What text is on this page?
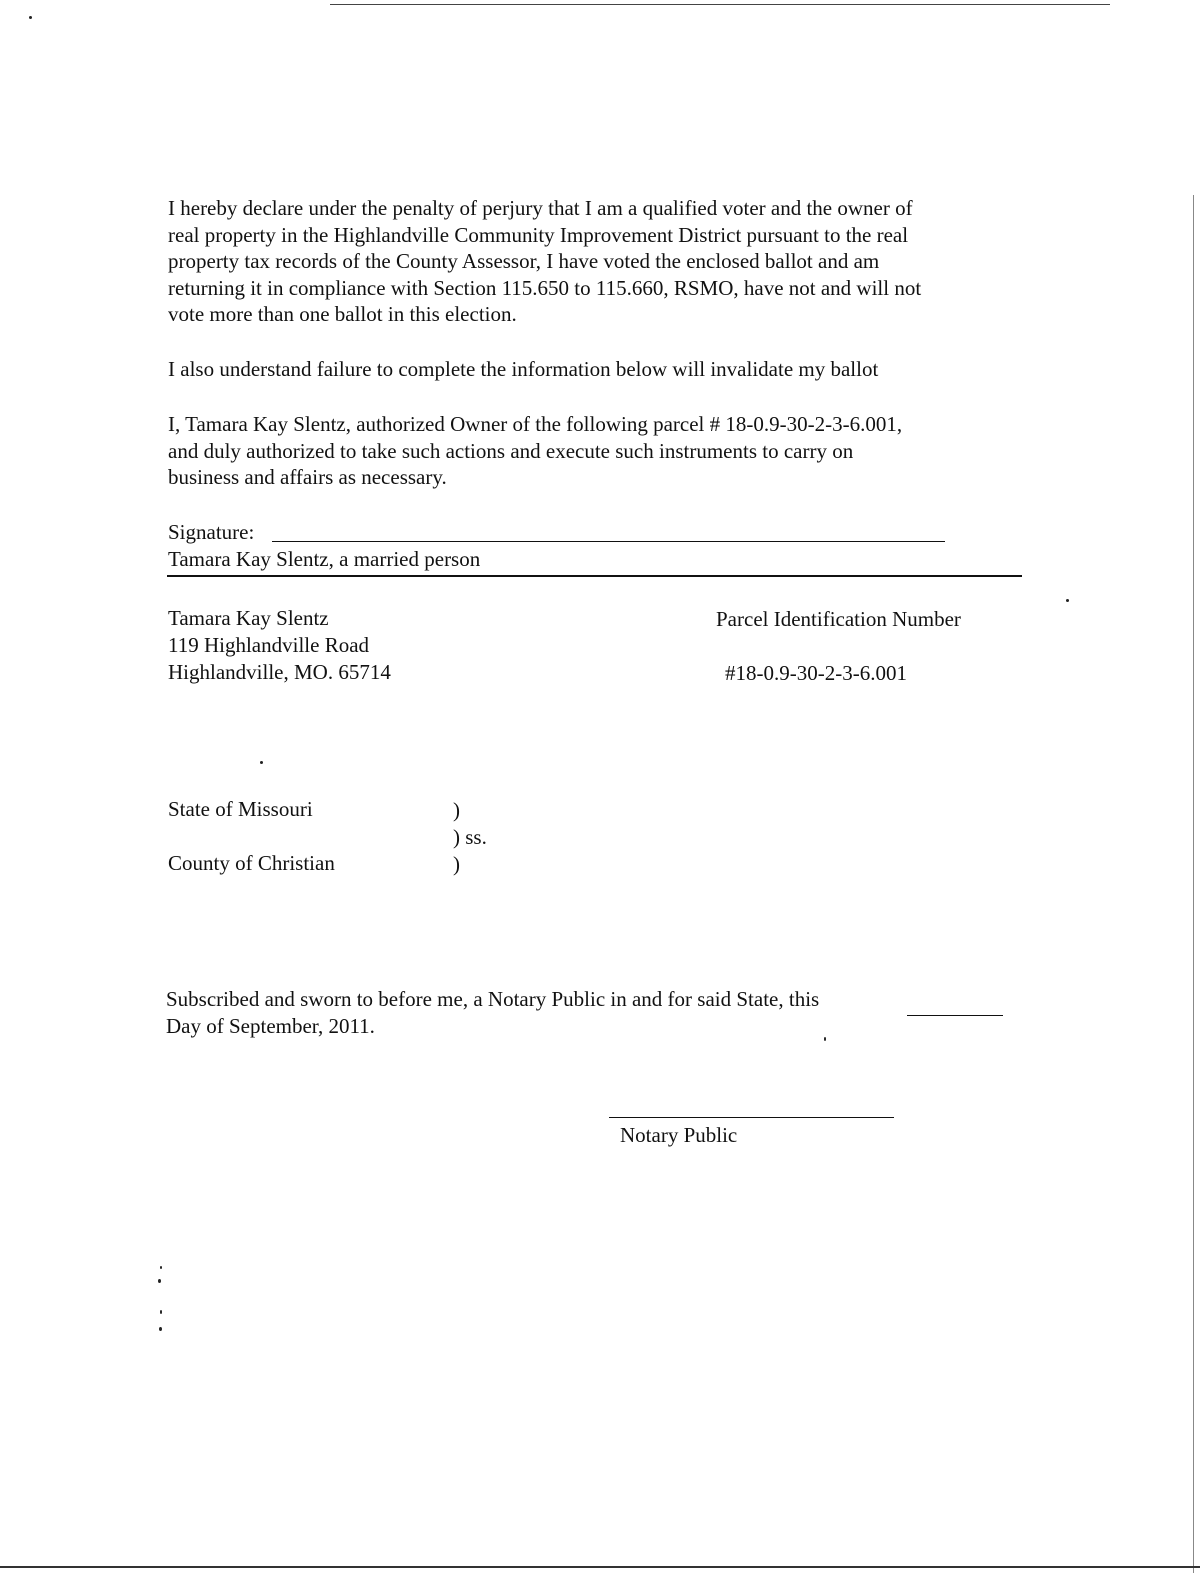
I hereby declare under the penalty of perjury that I am a qualified voter and the owner of
real property in the Highlandville Community Improvement District pursuant to the real
property tax records of the County Assessor, I have voted the enclosed ballot and am
returning it in compliance with Section 115.650 to 115.660, RSMO, have not and will not
vote more than one ballot in this election.

I also understand failure to complete the information below will invalidate my ballot

I, Tamara Kay Slentz, authorized Owner of the following parcel # 18-0.9-30-2-3-6.001,
and duly authorized to take such actions and execute such instruments to carry on
business and affairs as necessary.

Signature:

Tamara Kay Slentz, a married person

Tamara Kay Slentz

119 Highlandville Road

Highlandville, MO. 65714

Parcel Identification Number

#18-0.9-30-2-3-6.001

State of Missouri	)

) ss.

County of Christian	)

Subscribed and sworn to before me, a Notary Public in and for said State, this

Day of September, 2011.

Notary Public
